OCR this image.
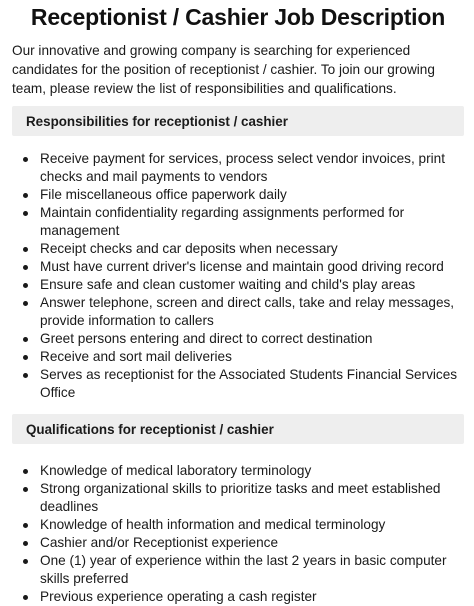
Receptionist / Cashier Job Description

Our innovative and growing company is searching for experienced candidates for the position of receptionist / cashier. To join our growing team, please review the list of responsibilities and qualifications.

Responsibilities for receptionist / cashier
Receive payment for services, process select vendor invoices, print checks and mail payments to vendors
File miscellaneous office paperwork daily
Maintain confidentiality regarding assignments performed for management
Receipt checks and car deposits when necessary
Must have current driver's license and maintain good driving record
Ensure safe and clean customer waiting and child's play areas
Answer telephone, screen and direct calls, take and relay messages, provide information to callers
Greet persons entering and direct to correct destination
Receive and sort mail deliveries
Serves as receptionist for the Associated Students Financial Services Office
Qualifications for receptionist / cashier
Knowledge of medical laboratory terminology
Strong organizational skills to prioritize tasks and meet established deadlines
Knowledge of health information and medical terminology
Cashier and/or Receptionist experience
One (1) year of experience within the last 2 years in basic computer skills preferred
Previous experience operating a cash register
